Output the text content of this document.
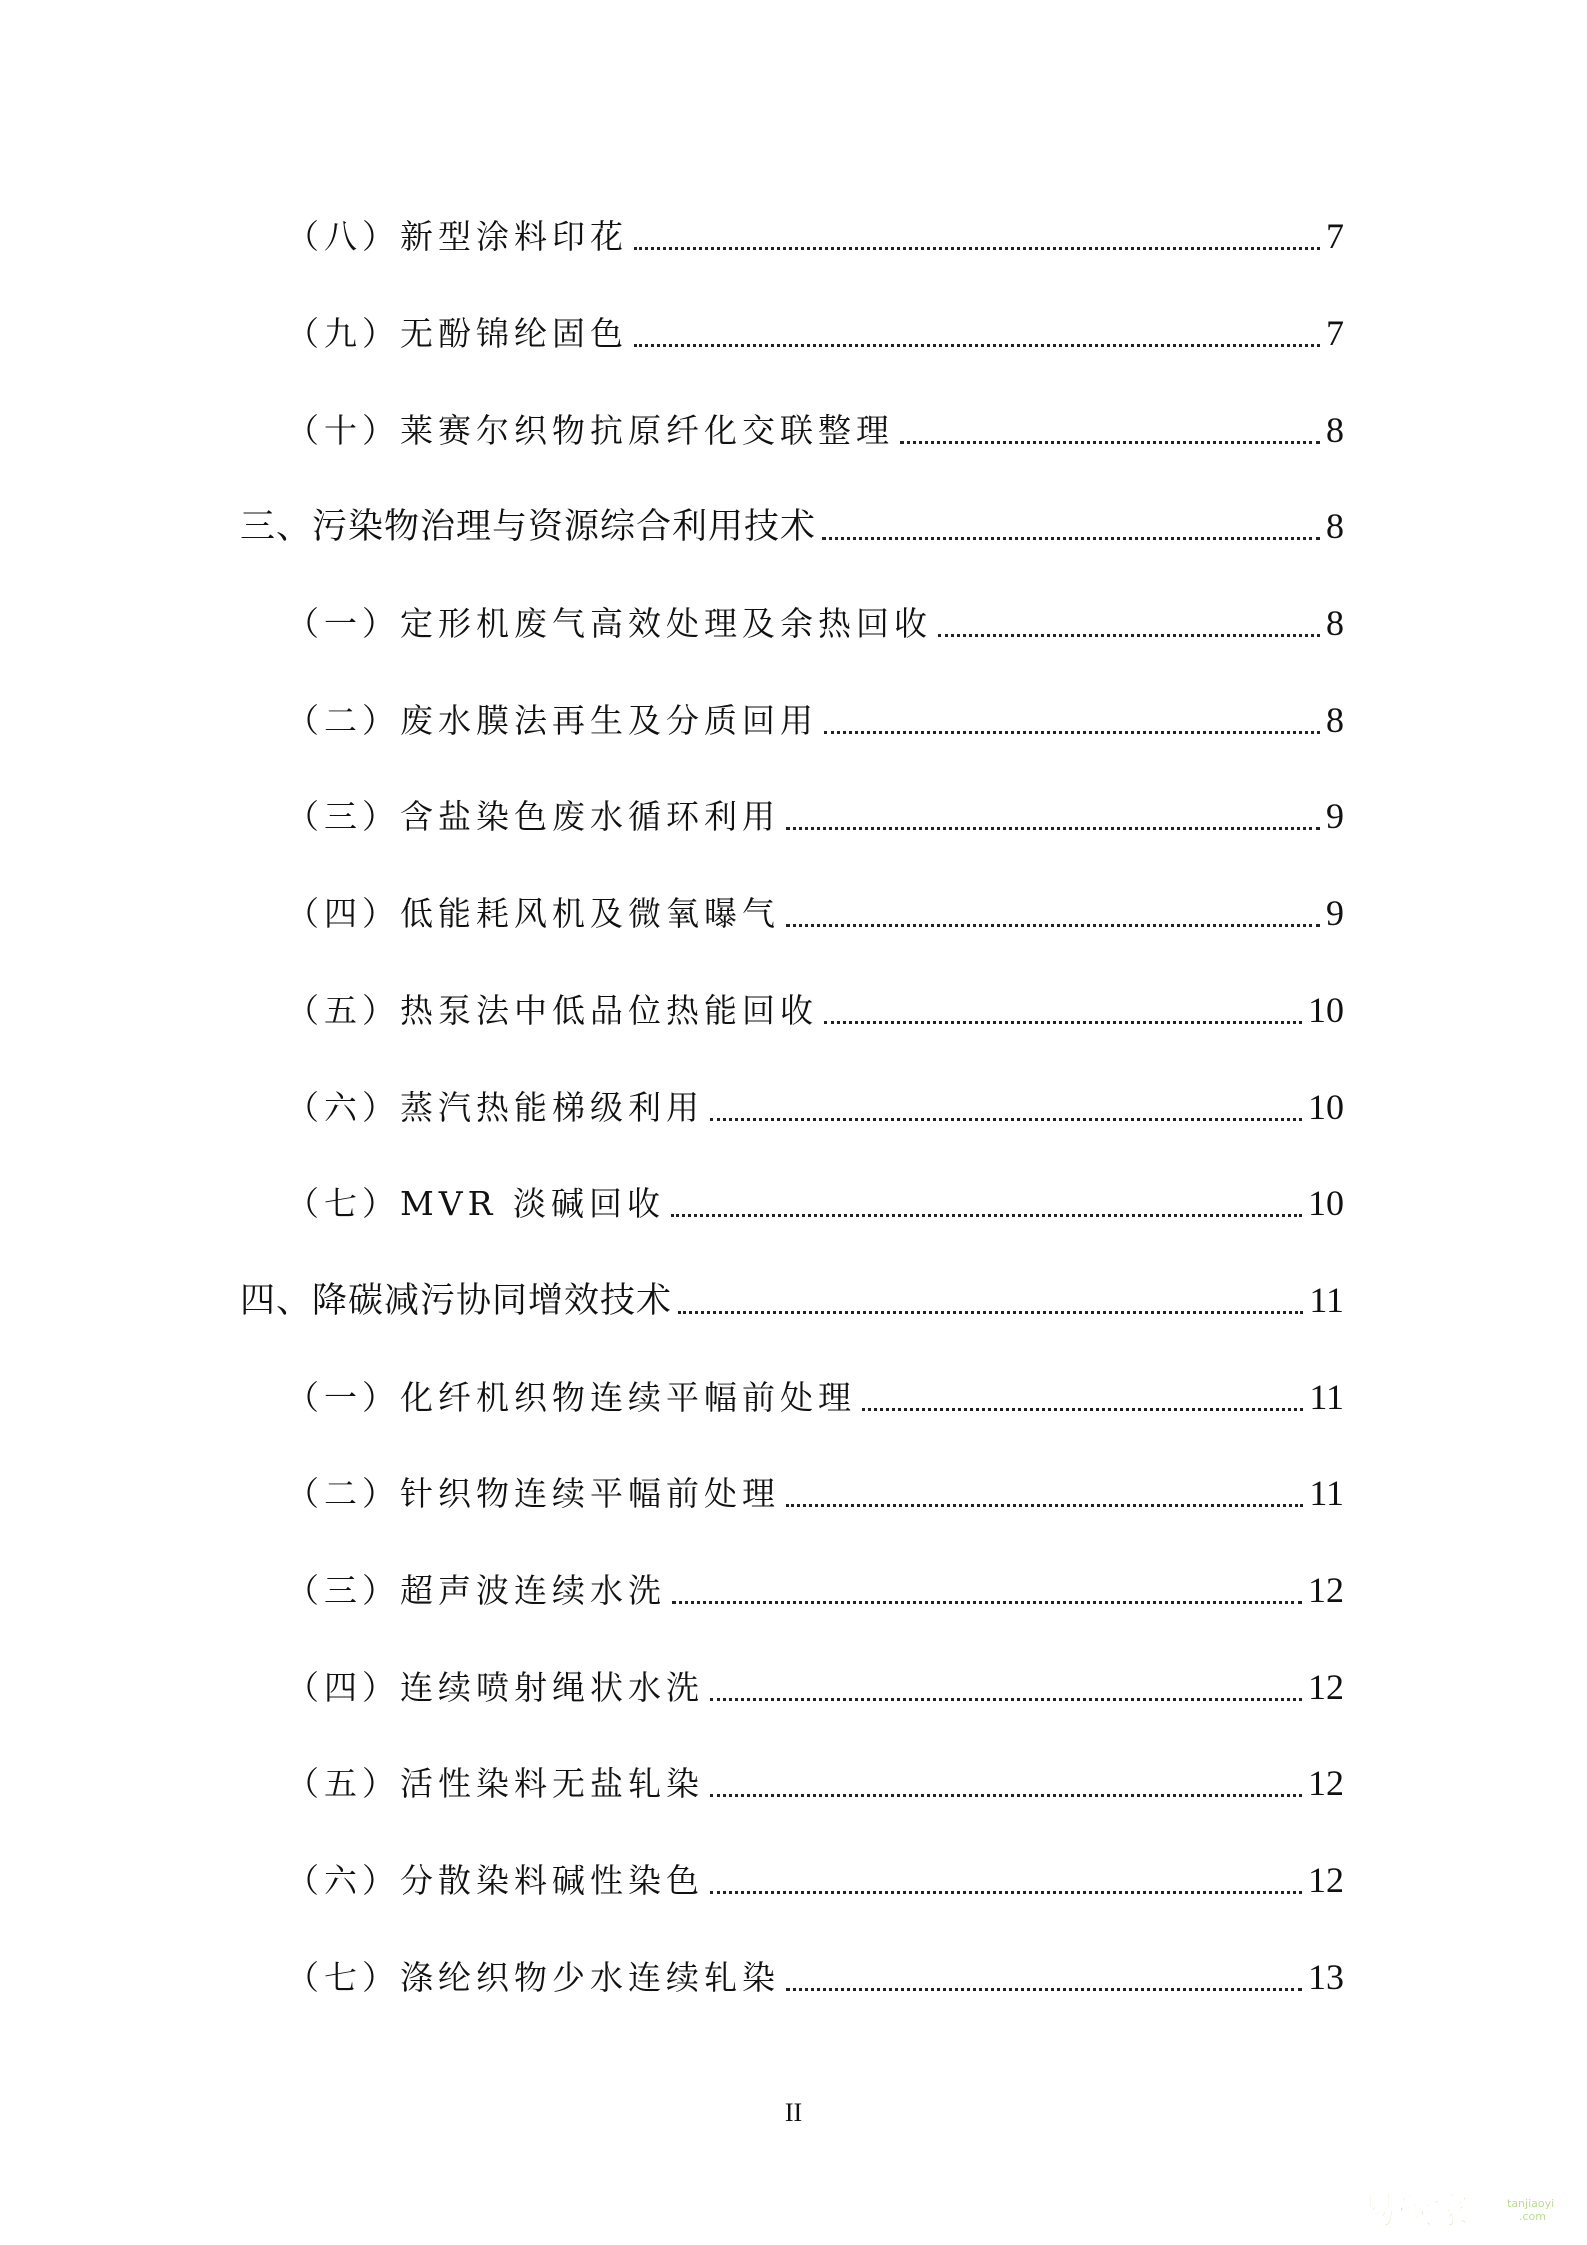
（八）新型涂料印花	7
（九）无酚锦纶固色	7
（十）莱赛尔织物抗原纤化交联整理	8
三、污染物治理与资源综合利用技术	8
（一）定形机废气高效处理及余热回收	8
（二）废水膜法再生及分质回用	8
（三）含盐染色废水循环利用	9
（四）低能耗风机及微氧曝气	9
（五）热泵法中低品位热能回收	10
（六）蒸汽热能梯级利用	10
（七）MVR 淡碱回收	10
四、降碳减污协同增效技术	11
（一）化纤机织物连续平幅前处理	11
（二）针织物连续平幅前处理	11
（三）超声波连续水洗	12
（四）连续喷射绳状水洗	12
（五）活性染料无盐轧染	12
（六）分散染料碱性染色	12
（七）涤纶织物少水连续轧染	13
II
易碳家	tanjiaoyi
.com
